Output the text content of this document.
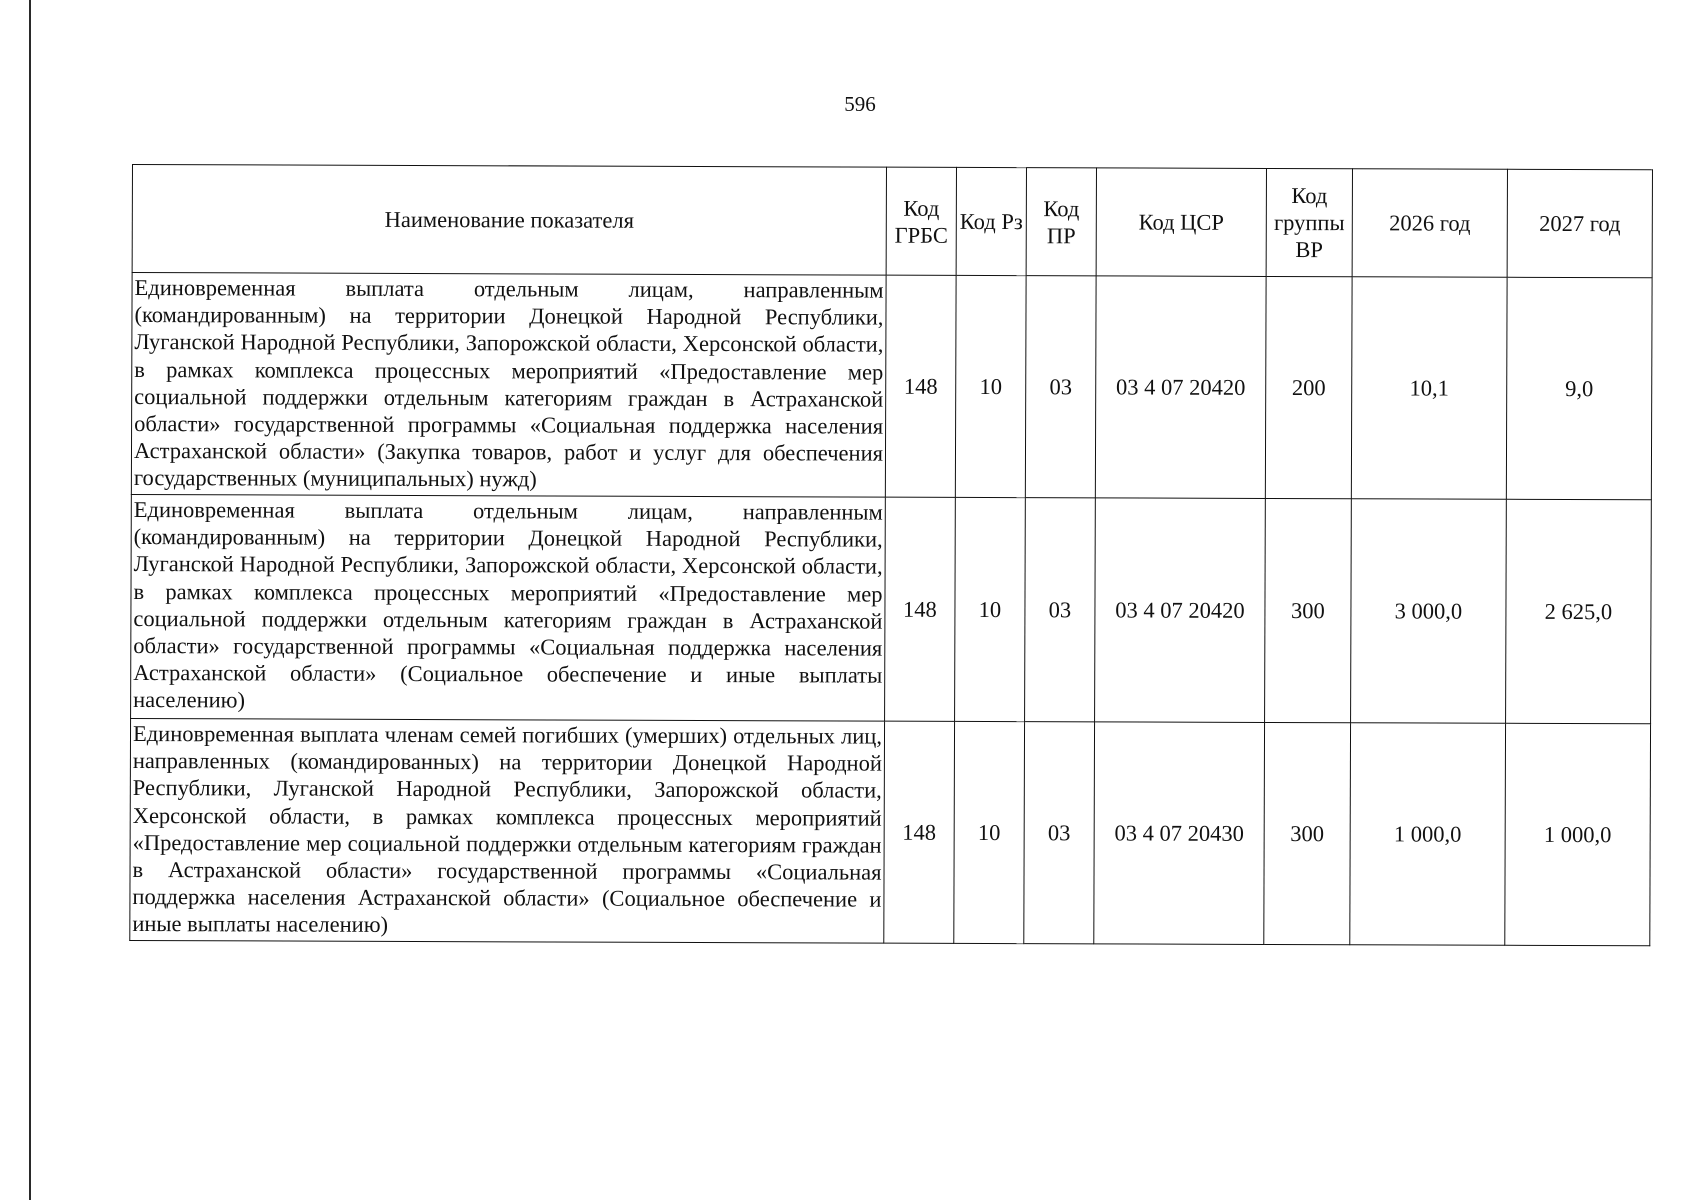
596
Наименование показателя	Код ГРБС	Код Рз	Код ПР	Код ЦСР	Код группы ВР	2026 год	2027 год
Единовременная выплата отдельным лицам, направленным (командированным) на территории Донецкой Народной Республики, Луганской Народной Республики, Запорожской области, Херсонской области, в рамках комплекса процессных мероприятий «Предоставление мер социальной поддержки отдельным категориям граждан в Астраханской области» государственной программы «Социальная поддержка населения Астраханской области» (Закупка товаров, работ и услуг для обеспечения государственных (муниципальных) нужд)	148	10	03	03 4 07 20420	200	10,1	9,0
Единовременная выплата отдельным лицам, направленным (командированным) на территории Донецкой Народной Республики, Луганской Народной Республики, Запорожской области, Херсонской области, в рамках комплекса процессных мероприятий «Предоставление мер социальной поддержки отдельным категориям граждан в Астраханской области» государственной программы «Социальная поддержка населения Астраханской области» (Социальное обеспечение и иные выплаты населению)	148	10	03	03 4 07 20420	300	3 000,0	2 625,0
Единовременная выплата членам семей погибших (умерших) отдельных лиц, направленных (командированных) на территории Донецкой Народной Республики, Луганской Народной Республики, Запорожской области, Херсонской области, в рамках комплекса процессных мероприятий «Предоставление мер социальной поддержки отдельным категориям граждан в Астраханской области» государственной программы «Социальная поддержка населения Астраханской области» (Социальное обеспечение и иные выплаты населению)	148	10	03	03 4 07 20430	300	1 000,0	1 000,0
